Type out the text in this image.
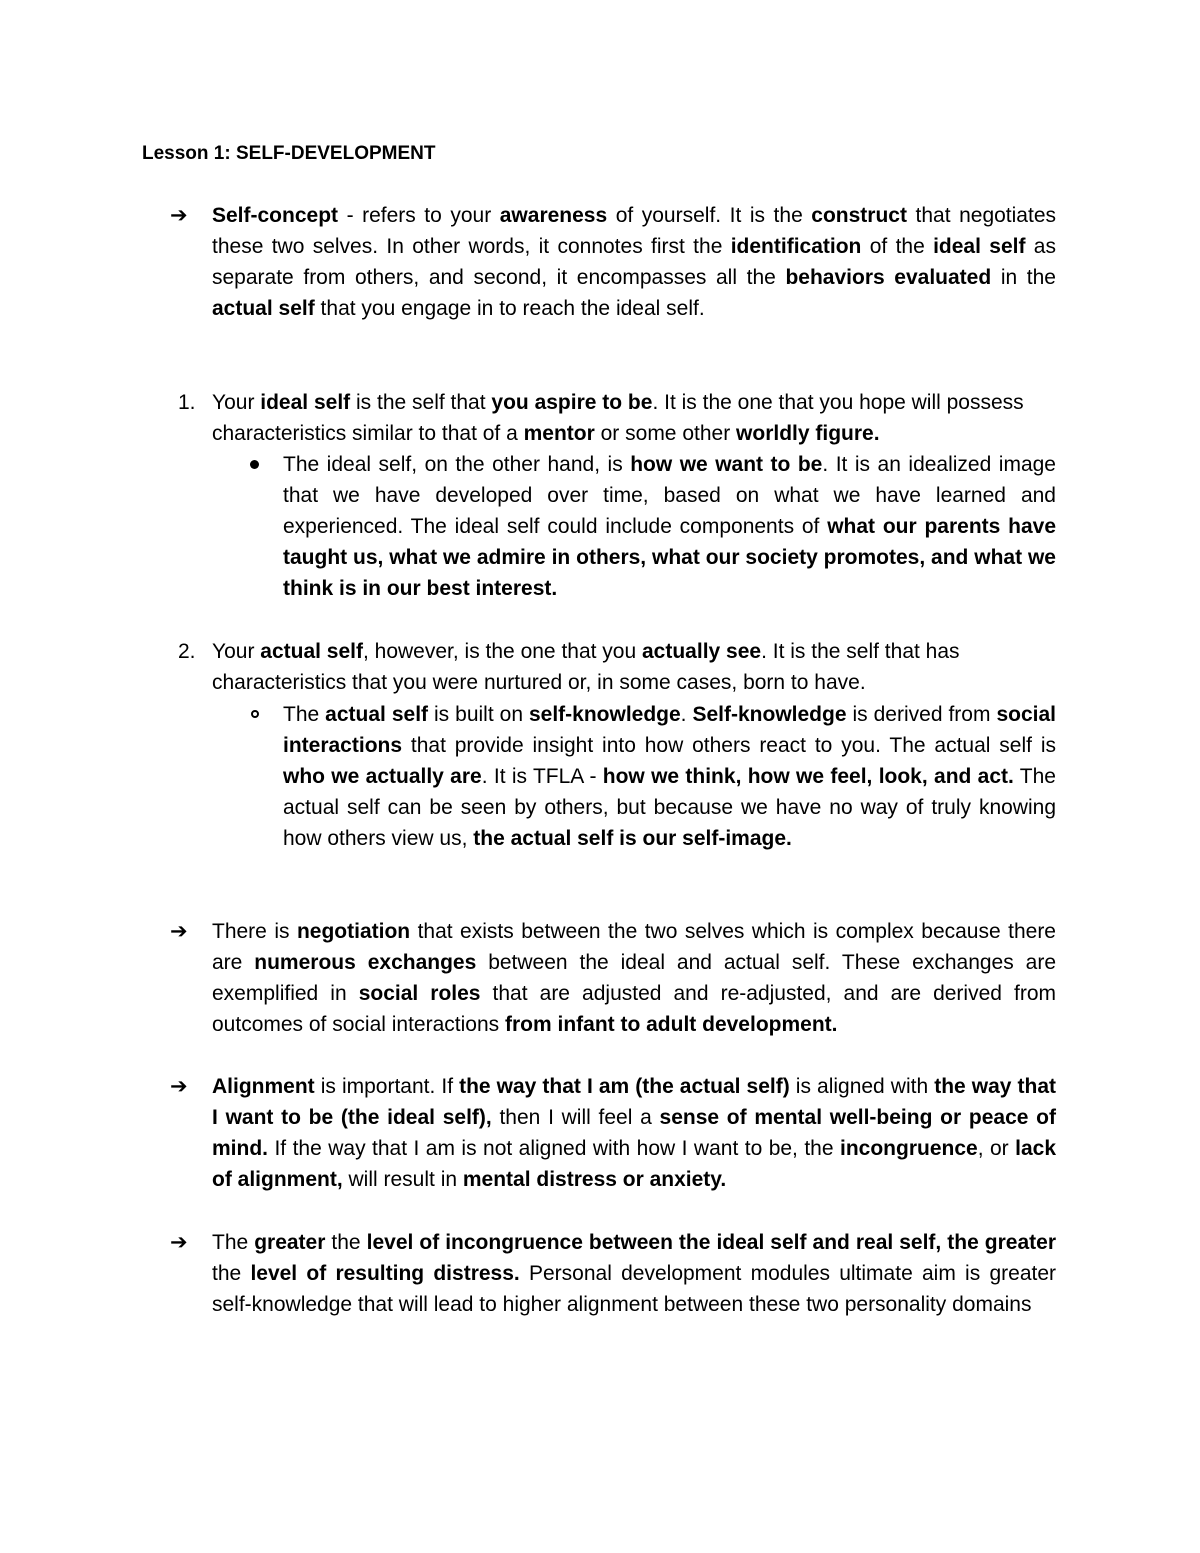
Lesson 1: SELF-DEVELOPMENT
➔ Self-concept - refers to your awareness of yourself. It is the construct that negotiates these two selves. In other words, it connotes first the identification of the ideal self as separate from others, and second, it encompasses all the behaviors evaluated in the actual self that you engage in to reach the ideal self.
1. Your ideal self is the self that you aspire to be. It is the one that you hope will possess characteristics similar to that of a mentor or some other worldly figure.
The ideal self, on the other hand, is how we want to be. It is an idealized image that we have developed over time, based on what we have learned and experienced. The ideal self could include components of what our parents have taught us, what we admire in others, what our society promotes, and what we think is in our best interest.
2. Your actual self, however, is the one that you actually see. It is the self that has characteristics that you were nurtured or, in some cases, born to have.
The actual self is built on self-knowledge. Self-knowledge is derived from social interactions that provide insight into how others react to you. The actual self is who we actually are. It is TFLA - how we think, how we feel, look, and act. The actual self can be seen by others, but because we have no way of truly knowing how others view us, the actual self is our self-image.
➔ There is negotiation that exists between the two selves which is complex because there are numerous exchanges between the ideal and actual self. These exchanges are exemplified in social roles that are adjusted and re-adjusted, and are derived from outcomes of social interactions from infant to adult development.
➔ Alignment is important. If the way that I am (the actual self) is aligned with the way that I want to be (the ideal self), then I will feel a sense of mental well-being or peace of mind. If the way that I am is not aligned with how I want to be, the incongruence, or lack of alignment, will result in mental distress or anxiety.
➔ The greater the level of incongruence between the ideal self and real self, the greater the level of resulting distress. Personal development modules ultimate aim is greater self-knowledge that will lead to higher alignment between these two personality domains
